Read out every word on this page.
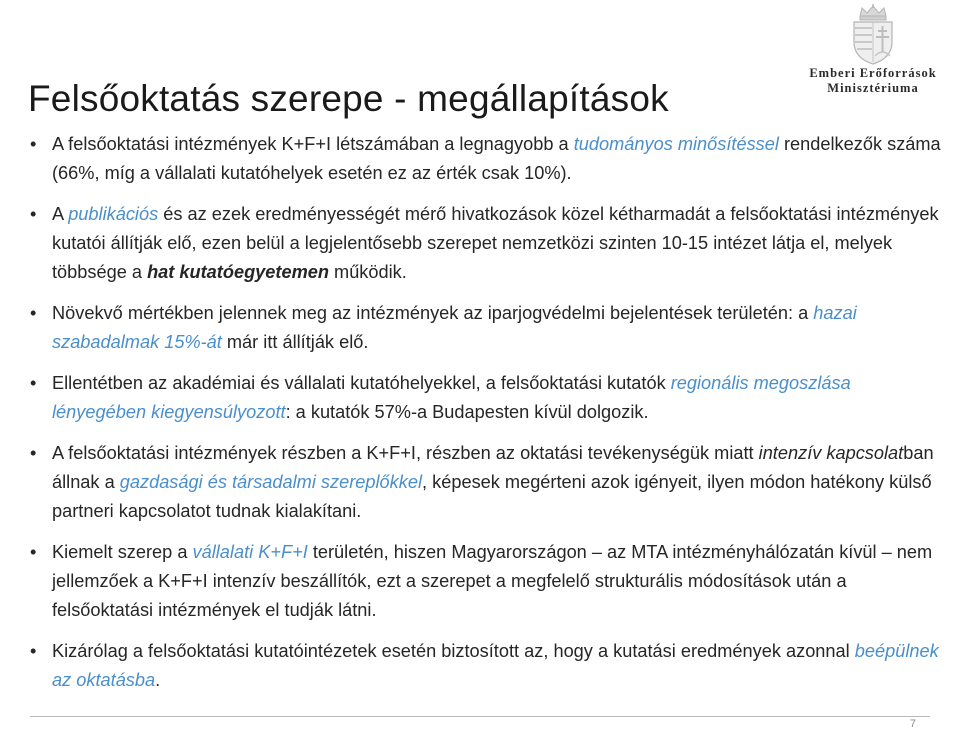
Emberi Erőforrások
Minisztériuma
Felsőoktatás szerepe - megállapítások
• A felsőoktatási intézmények K+F+I létszámában a legnagyobb a tudományos minősítéssel rendelkezők száma (66%, míg a vállalati kutatóhelyek esetén ez az érték csak 10%).
• A publikációs és az ezek eredményességét mérő hivatkozások közel kétharmadát a felsőoktatási intézmények kutatói állítják elő, ezen belül a legjelentősebb szerepet nemzetközi szinten 10-15 intézet látja el, melyek többsége a hat kutatóegyetemen működik.
• Növekvő mértékben jelennek meg az intézmények az iparjogvédelmi bejelentések területén: a hazai szabadalmak 15%-át már itt állítják elő.
• Ellentétben az akadémiai és vállalati kutatóhelyekkel, a felsőoktatási kutatók regionális megoszlása lényegében kiegyensúlyozott: a kutatók 57%-a Budapesten kívül dolgozik.
• A felsőoktatási intézmények részben a K+F+I, részben az oktatási tevékenységük miatt intenzív kapcsolatban állnak a gazdasági és társadalmi szereplőkkel, képesek megérteni azok igényeit, ilyen módon hatékony külső partneri kapcsolatot tudnak kialakítani.
• Kiemelt szerep a vállalati K+F+I területén, hiszen Magyarországon – az MTA intézményhálózatán kívül – nem jellemzőek a K+F+I intenzív beszállítók, ezt a szerepet a megfelelő strukturális módosítások után a felsőoktatási intézmények el tudják látni.
• Kizárólag a felsőoktatási kutatóintézetek esetén biztosított az, hogy a kutatási eredmények azonnal beépülnek az oktatásba.
7
